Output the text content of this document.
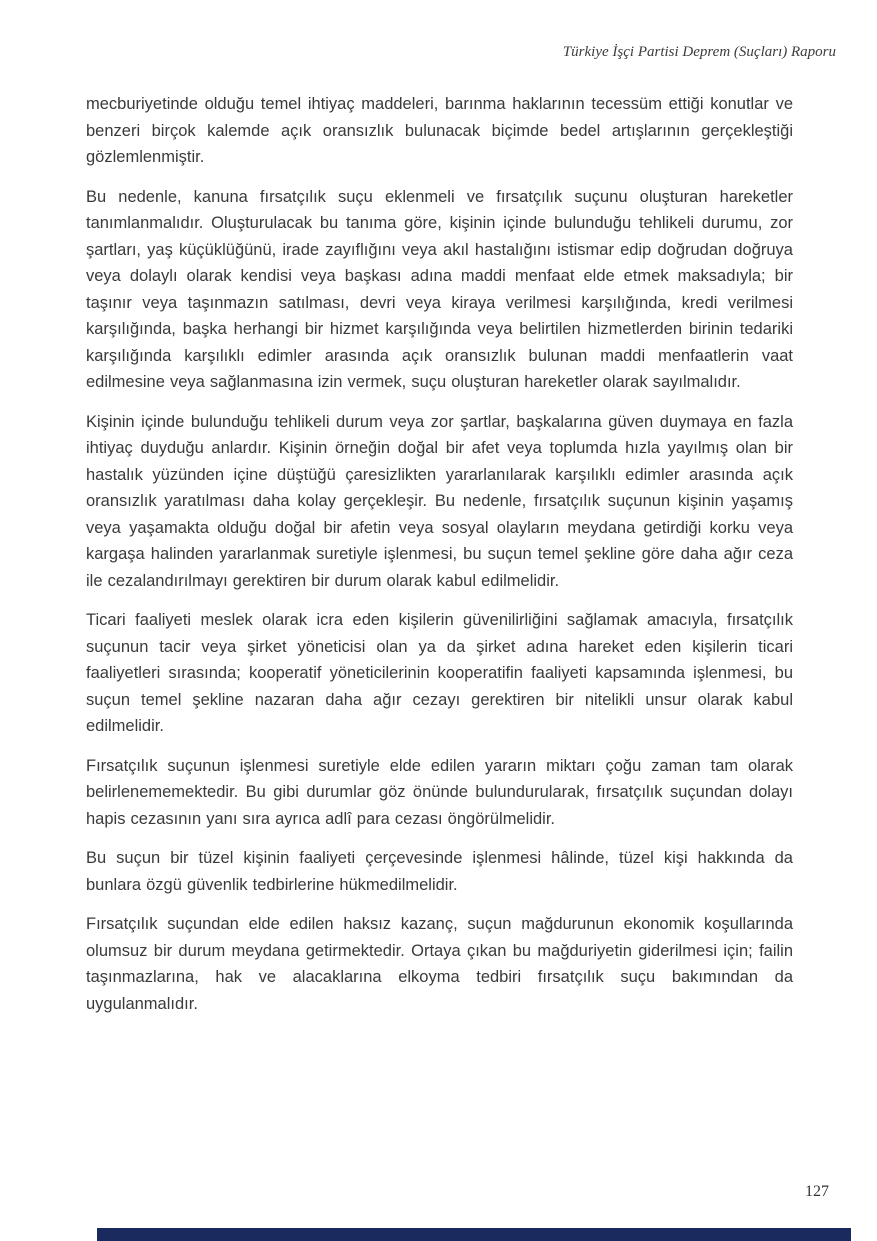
Türkiye İşçi Partisi Deprem (Suçları) Raporu

mecburiyetinde olduğu temel ihtiyaç maddeleri, barınma haklarının tecessüm ettiği konutlar ve benzeri birçok kalemde açık oransızlık bulunacak biçimde bedel artışlarının gerçekleştiği gözlemlenmiştir.

Bu nedenle, kanuna fırsatçılık suçu eklenmeli ve fırsatçılık suçunu oluşturan hareketler tanımlanmalıdır. Oluşturulacak bu tanıma göre, kişinin içinde bulunduğu tehlikeli durumu, zor şartları, yaş küçüklüğünü, irade zayıflığını veya akıl hastalığını istismar edip doğrudan doğruya veya dolaylı olarak kendisi veya başkası adına maddi menfaat elde etmek maksadıyla; bir taşınır veya taşınmazın satılması, devri veya kiraya verilmesi karşılığında, kredi verilmesi karşılığında, başka herhangi bir hizmet karşılığında veya belirtilen hizmetlerden birinin tedariki karşılığında karşılıklı edimler arasında açık oransızlık bulunan maddi menfaatlerin vaat edilmesine veya sağlanmasına izin vermek, suçu oluşturan hareketler olarak sayılmalıdır.

Kişinin içinde bulunduğu tehlikeli durum veya zor şartlar, başkalarına güven duymaya en fazla ihtiyaç duyduğu anlardır. Kişinin örneğin doğal bir afet veya toplumda hızla yayılmış olan bir hastalık yüzünden içine düştüğü çaresizlikten yararlanılarak karşılıklı edimler arasında açık oransızlık yaratılması daha kolay gerçekleşir. Bu nedenle, fırsatçılık suçunun kişinin yaşamış veya yaşamakta olduğu doğal bir afetin veya sosyal olayların meydana getirdiği korku veya kargaşa halinden yararlanmak suretiyle işlenmesi, bu suçun temel şekline göre daha ağır ceza ile cezalandırılmayı gerektiren bir durum olarak kabul edilmelidir.

Ticari faaliyeti meslek olarak icra eden kişilerin güvenilirliğini sağlamak amacıyla, fırsatçılık suçunun tacir veya şirket yöneticisi olan ya da şirket adına hareket eden kişilerin ticari faaliyetleri sırasında; kooperatif yöneticilerinin kooperatifin faaliyeti kapsamında işlenmesi, bu suçun temel şekline nazaran daha ağır cezayı gerektiren bir nitelikli unsur olarak kabul edilmelidir.

Fırsatçılık suçunun işlenmesi suretiyle elde edilen yararın miktarı çoğu zaman tam olarak belirlenememektedir. Bu gibi durumlar göz önünde bulundurularak, fırsatçılık suçundan dolayı hapis cezasının yanı sıra ayrıca adlî para cezası öngörülmelidir.

Bu suçun bir tüzel kişinin faaliyeti çerçevesinde işlenmesi hâlinde, tüzel kişi hakkında da bunlara özgü güvenlik tedbirlerine hükmedilmelidir.

Fırsatçılık suçundan elde edilen haksız kazanç, suçun mağdurunun ekonomik koşullarında olumsuz bir durum meydana getirmektedir. Ortaya çıkan bu mağduriyetin giderilmesi için; failin taşınmazlarına, hak ve alacaklarına elkoyma tedbiri fırsatçılık suçu bakımından da uygulanmalıdır.

127
